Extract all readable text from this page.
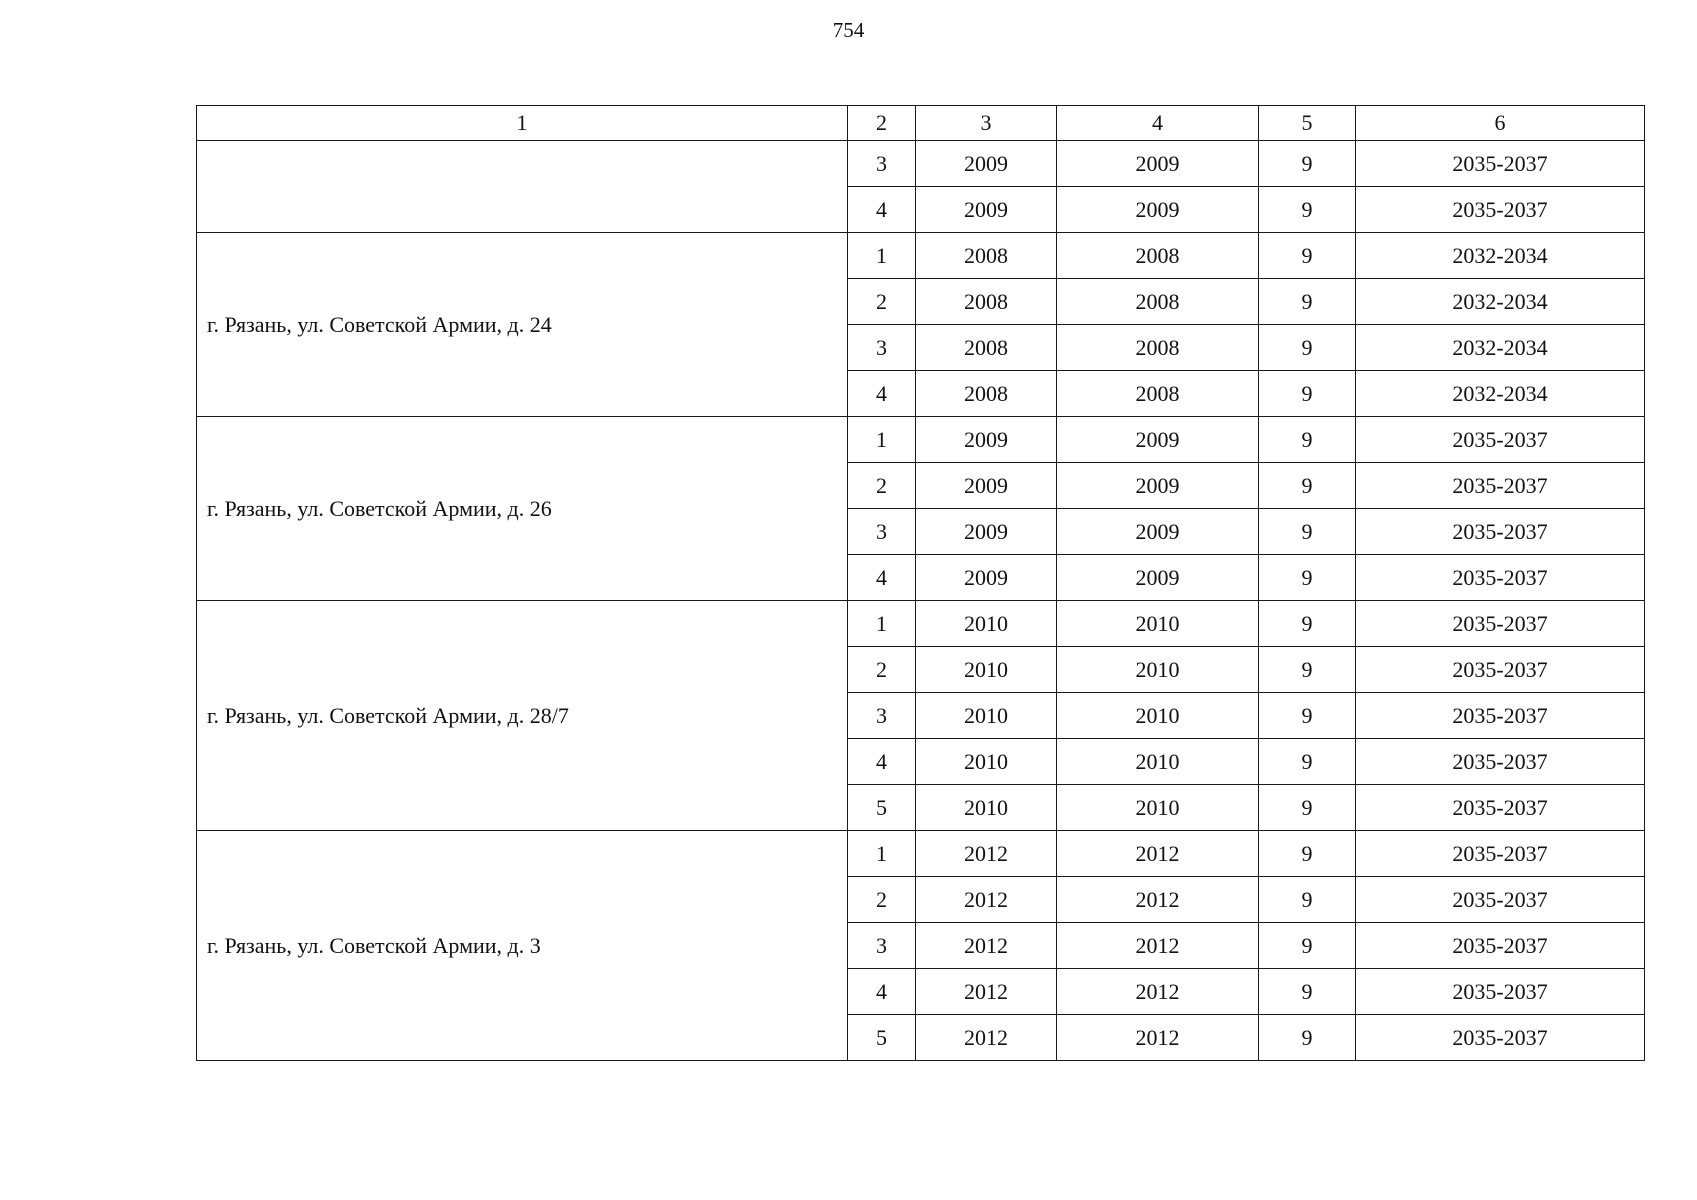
754
1	2	3	4	5	6
	3	2009	2009	9	2035-2037
	4	2009	2009	9	2035-2037
г. Рязань, ул. Советской Армии, д. 24	1	2008	2008	9	2032-2034
	2	2008	2008	9	2032-2034
	3	2008	2008	9	2032-2034
	4	2008	2008	9	2032-2034
г. Рязань, ул. Советской Армии, д. 26	1	2009	2009	9	2035-2037
	2	2009	2009	9	2035-2037
	3	2009	2009	9	2035-2037
	4	2009	2009	9	2035-2037
г. Рязань, ул. Советской Армии, д. 28/7	1	2010	2010	9	2035-2037
	2	2010	2010	9	2035-2037
	3	2010	2010	9	2035-2037
	4	2010	2010	9	2035-2037
	5	2010	2010	9	2035-2037
г. Рязань, ул. Советской Армии, д. 3	1	2012	2012	9	2035-2037
	2	2012	2012	9	2035-2037
	3	2012	2012	9	2035-2037
	4	2012	2012	9	2035-2037
	5	2012	2012	9	2035-2037
